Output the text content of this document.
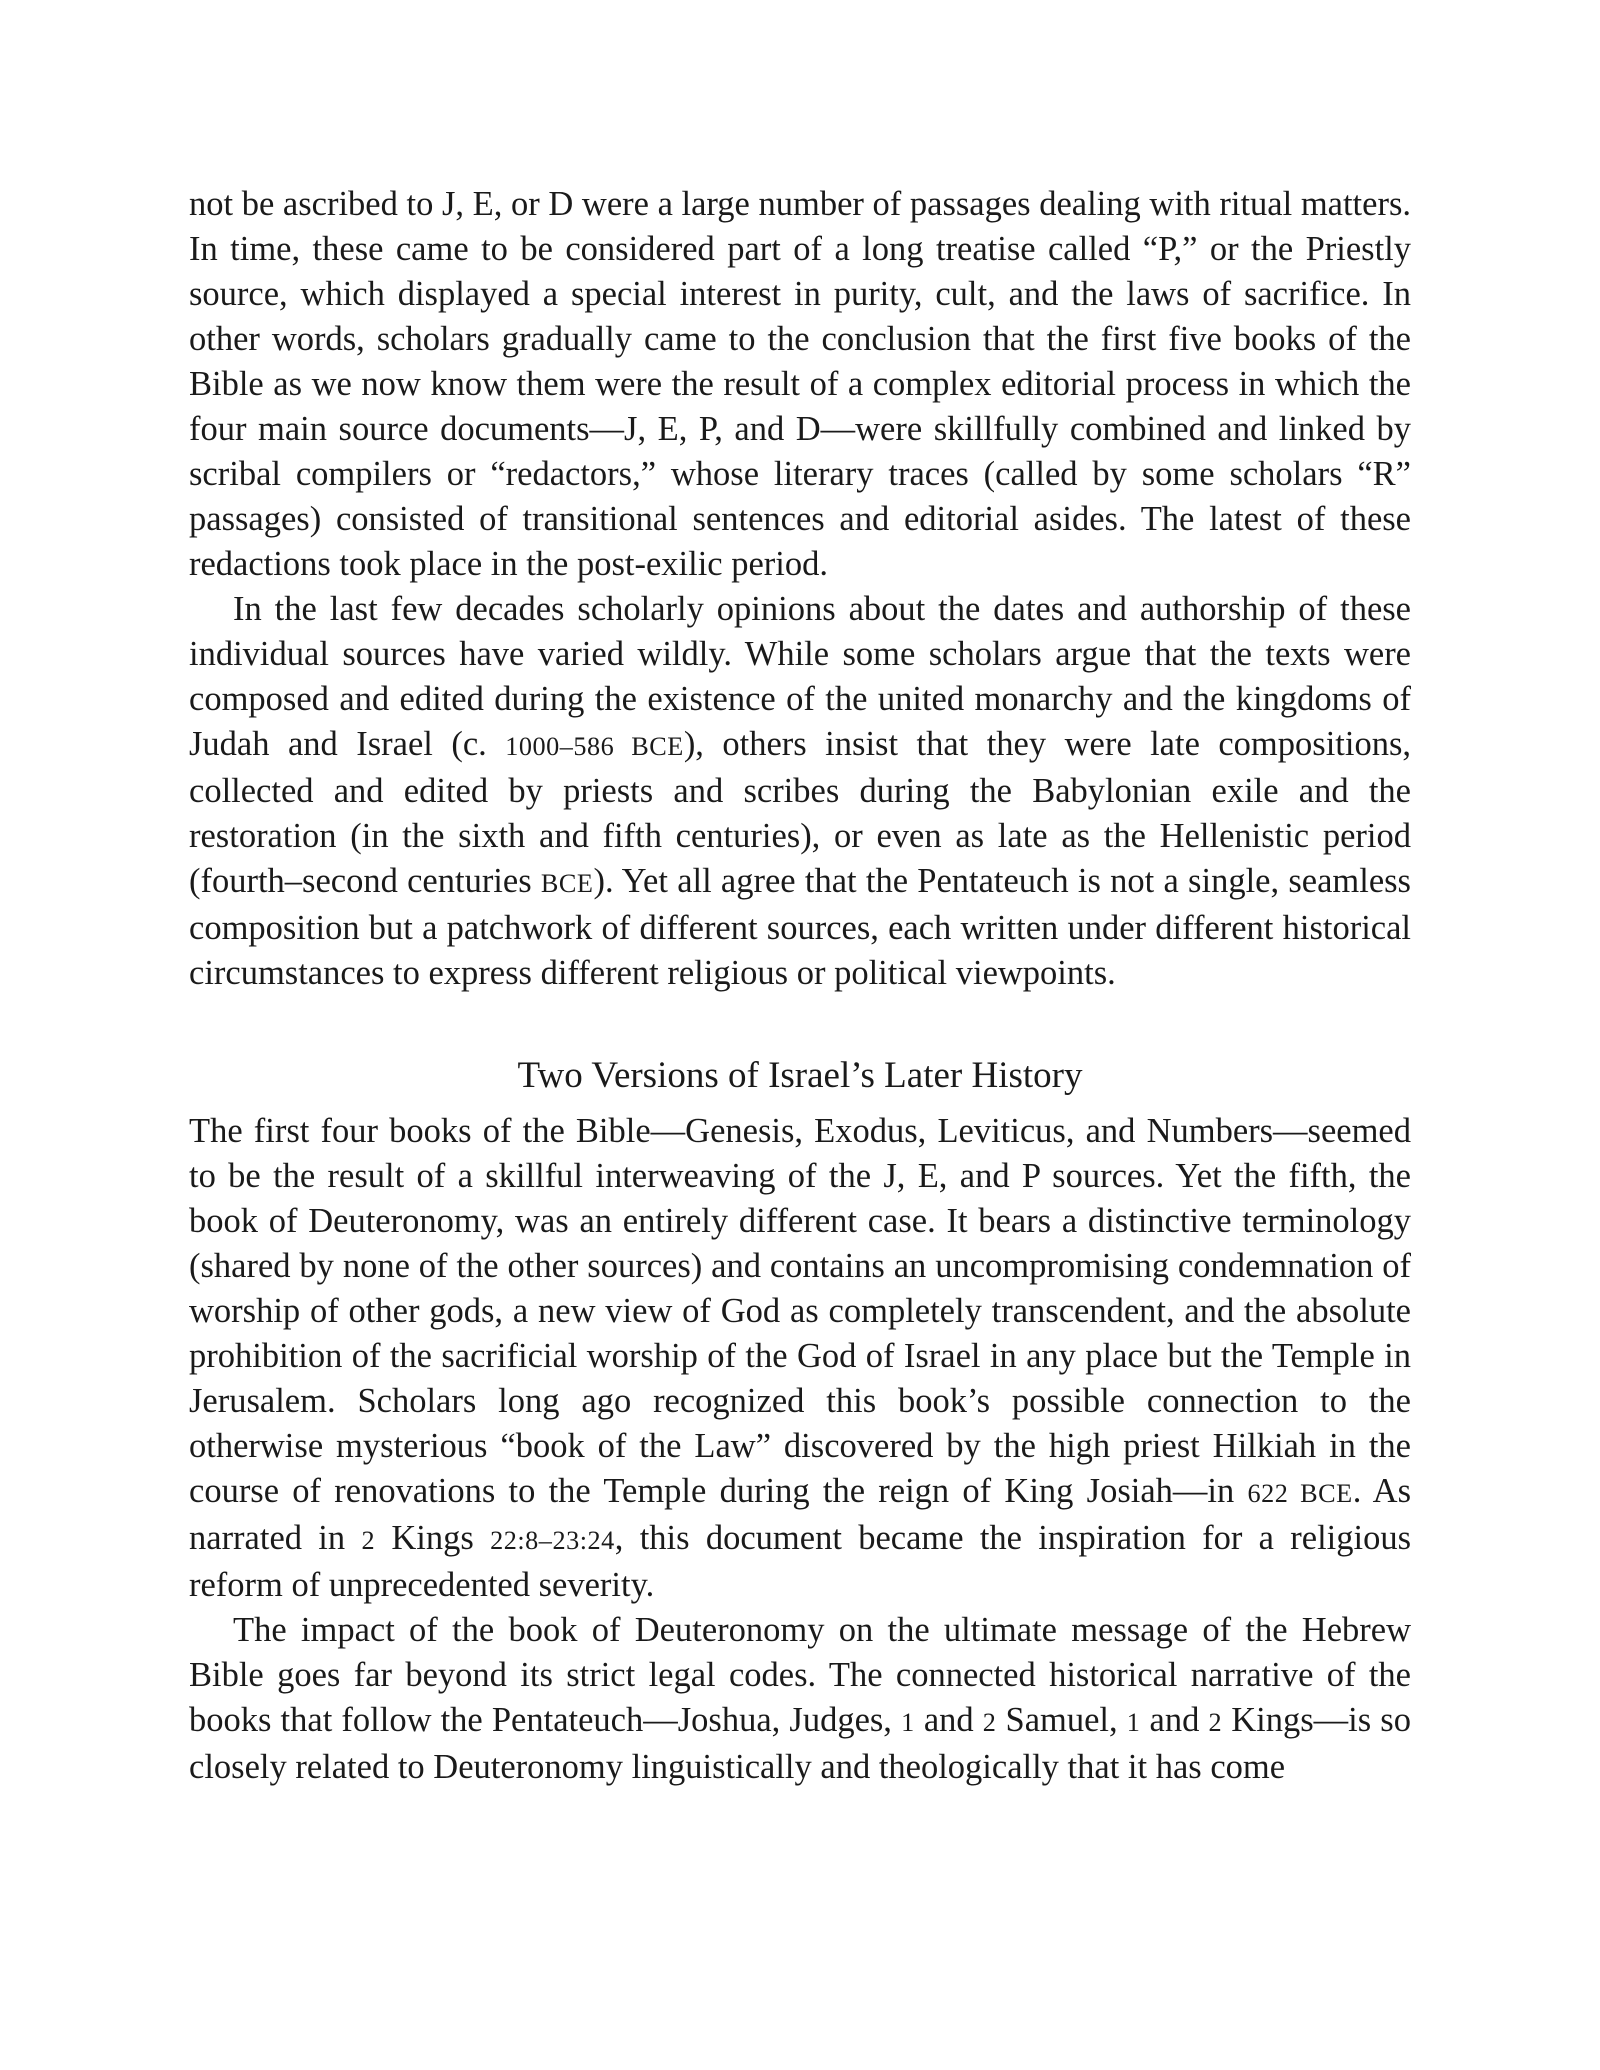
not be ascribed to J, E, or D were a large number of passages dealing with ritual matters. In time, these came to be considered part of a long treatise called “P,” or the Priestly source, which displayed a special interest in purity, cult, and the laws of sacrifice. In other words, scholars gradually came to the conclusion that the first five books of the Bible as we now know them were the result of a complex editorial process in which the four main source documents—J, E, P, and D—were skillfully combined and linked by scribal compilers or “redactors,” whose literary traces (called by some scholars “R” passages) consisted of transitional sentences and editorial asides. The latest of these redactions took place in the post-exilic period.

In the last few decades scholarly opinions about the dates and authorship of these individual sources have varied wildly. While some scholars argue that the texts were composed and edited during the existence of the united monarchy and the kingdoms of Judah and Israel (c. 1000–586 BCE), others insist that they were late compositions, collected and edited by priests and scribes during the Babylonian exile and the restoration (in the sixth and fifth centuries), or even as late as the Hellenistic period (fourth–second centuries BCE). Yet all agree that the Pentateuch is not a single, seamless composition but a patchwork of different sources, each written under different historical circumstances to express different religious or political viewpoints.

Two Versions of Israel’s Later History

The first four books of the Bible—Genesis, Exodus, Leviticus, and Numbers—seemed to be the result of a skillful interweaving of the J, E, and P sources. Yet the fifth, the book of Deuteronomy, was an entirely different case. It bears a distinctive terminology (shared by none of the other sources) and contains an uncompromising condemnation of worship of other gods, a new view of God as completely transcendent, and the absolute prohibition of the sacrificial worship of the God of Israel in any place but the Temple in Jerusalem. Scholars long ago recognized this book’s possible connection to the otherwise mysterious “book of the Law” discovered by the high priest Hilkiah in the course of renovations to the Temple during the reign of King Josiah—in 622 BCE. As narrated in 2 Kings 22:8–23:24, this document became the inspiration for a religious reform of unprecedented severity.

The impact of the book of Deuteronomy on the ultimate message of the Hebrew Bible goes far beyond its strict legal codes. The connected historical narrative of the books that follow the Pentateuch—Joshua, Judges, 1 and 2 Samuel, 1 and 2 Kings—is so closely related to Deuteronomy linguistically and theologically that it has come
